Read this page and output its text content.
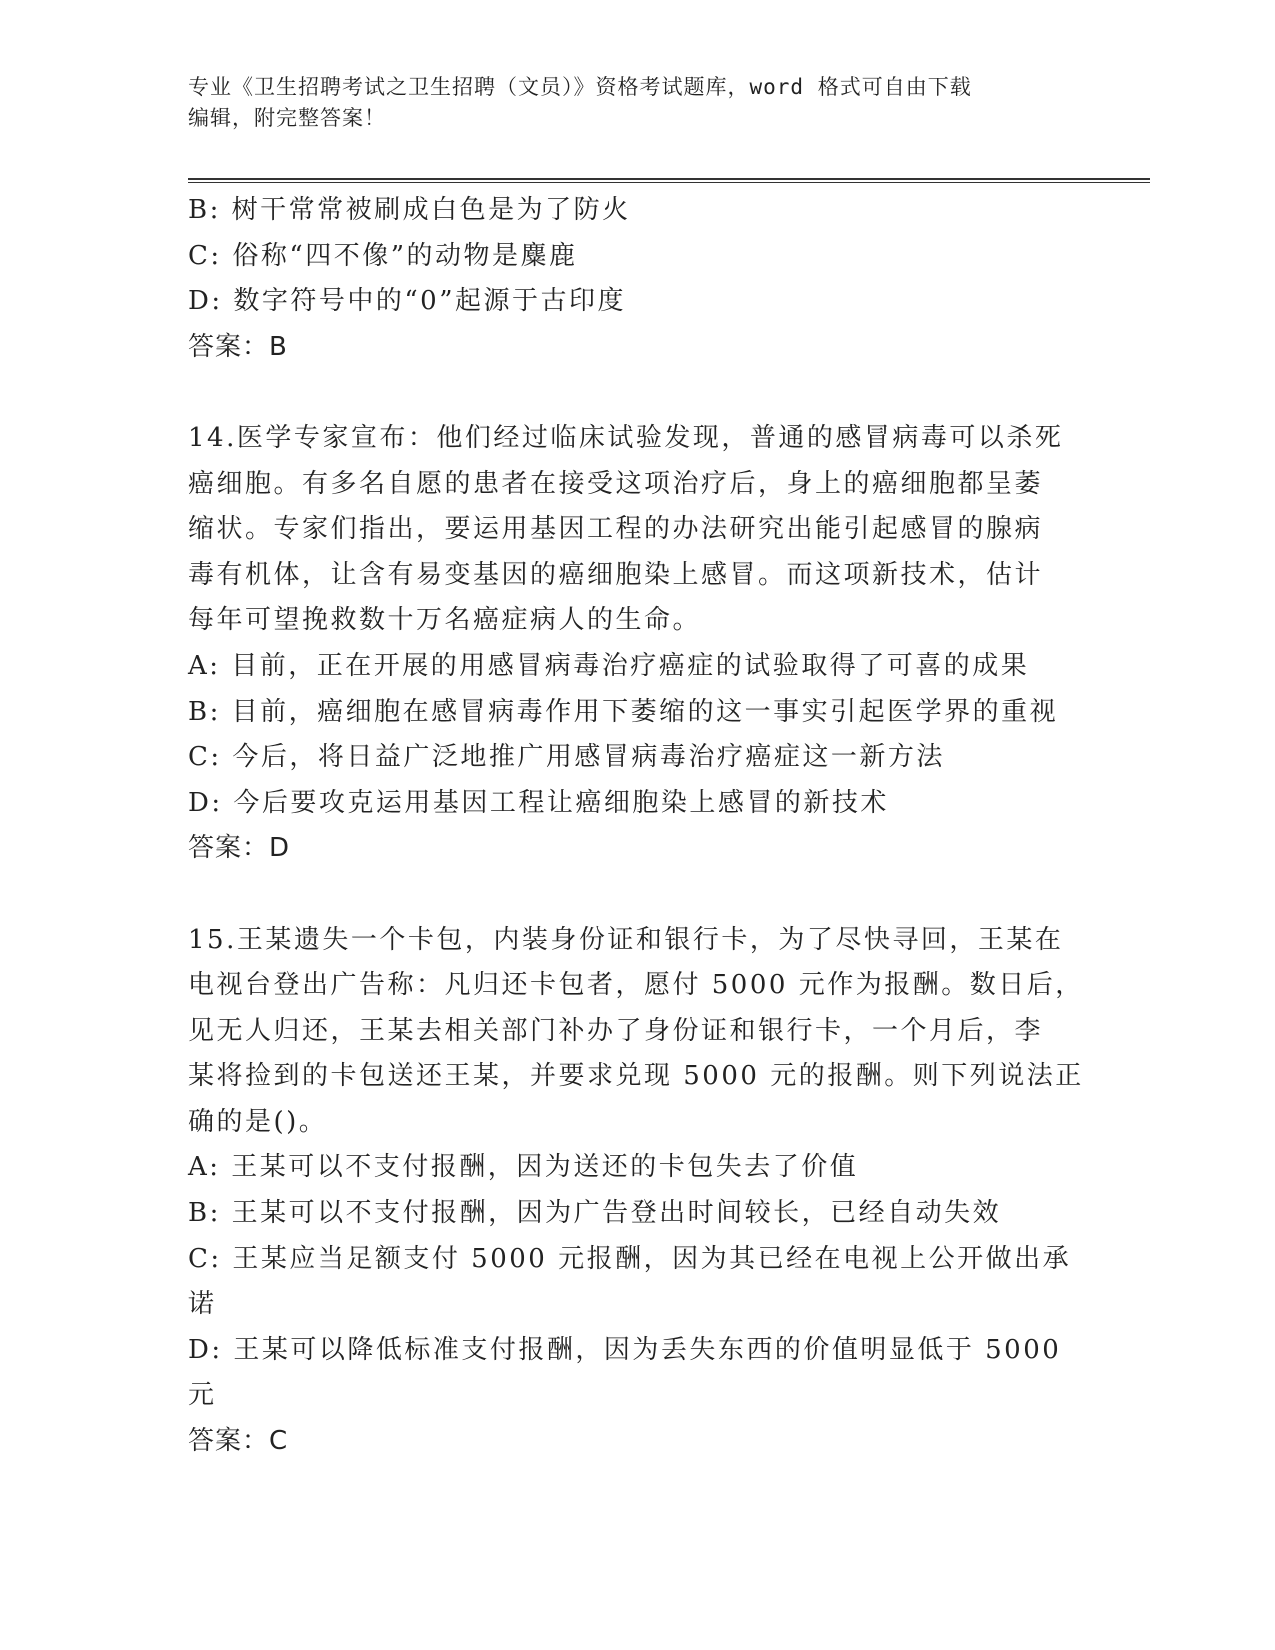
专业《卫生招聘考试之卫生招聘（文员）》资格考试题库，word 格式可自由下载
编辑，附完整答案！
B: 树干常常被刷成白色是为了防火
C: 俗称“四不像”的动物是麋鹿
D: 数字符号中的“0”起源于古印度
答案：B
14.医学专家宣布：他们经过临床试验发现，普通的感冒病毒可以杀死
癌细胞。有多名自愿的患者在接受这项治疗后，身上的癌细胞都呈萎
缩状。专家们指出，要运用基因工程的办法研究出能引起感冒的腺病
毒有机体，让含有易变基因的癌细胞染上感冒。而这项新技术，估计
每年可望挽救数十万名癌症病人的生命。
A: 目前，正在开展的用感冒病毒治疗癌症的试验取得了可喜的成果
B: 目前，癌细胞在感冒病毒作用下萎缩的这一事实引起医学界的重视
C: 今后，将日益广泛地推广用感冒病毒治疗癌症这一新方法
D: 今后要攻克运用基因工程让癌细胞染上感冒的新技术
答案：D
15.王某遗失一个卡包，内装身份证和银行卡，为了尽快寻回，王某在
电视台登出广告称：凡归还卡包者，愿付 5000 元作为报酬。数日后，
见无人归还，王某去相关部门补办了身份证和银行卡，一个月后，李
某将捡到的卡包送还王某，并要求兑现 5000 元的报酬。则下列说法正
确的是()。
A: 王某可以不支付报酬，因为送还的卡包失去了价值
B: 王某可以不支付报酬，因为广告登出时间较长，已经自动失效
C: 王某应当足额支付 5000 元报酬，因为其已经在电视上公开做出承
诺
D: 王某可以降低标准支付报酬，因为丢失东西的价值明显低于 5000
元
答案：C
